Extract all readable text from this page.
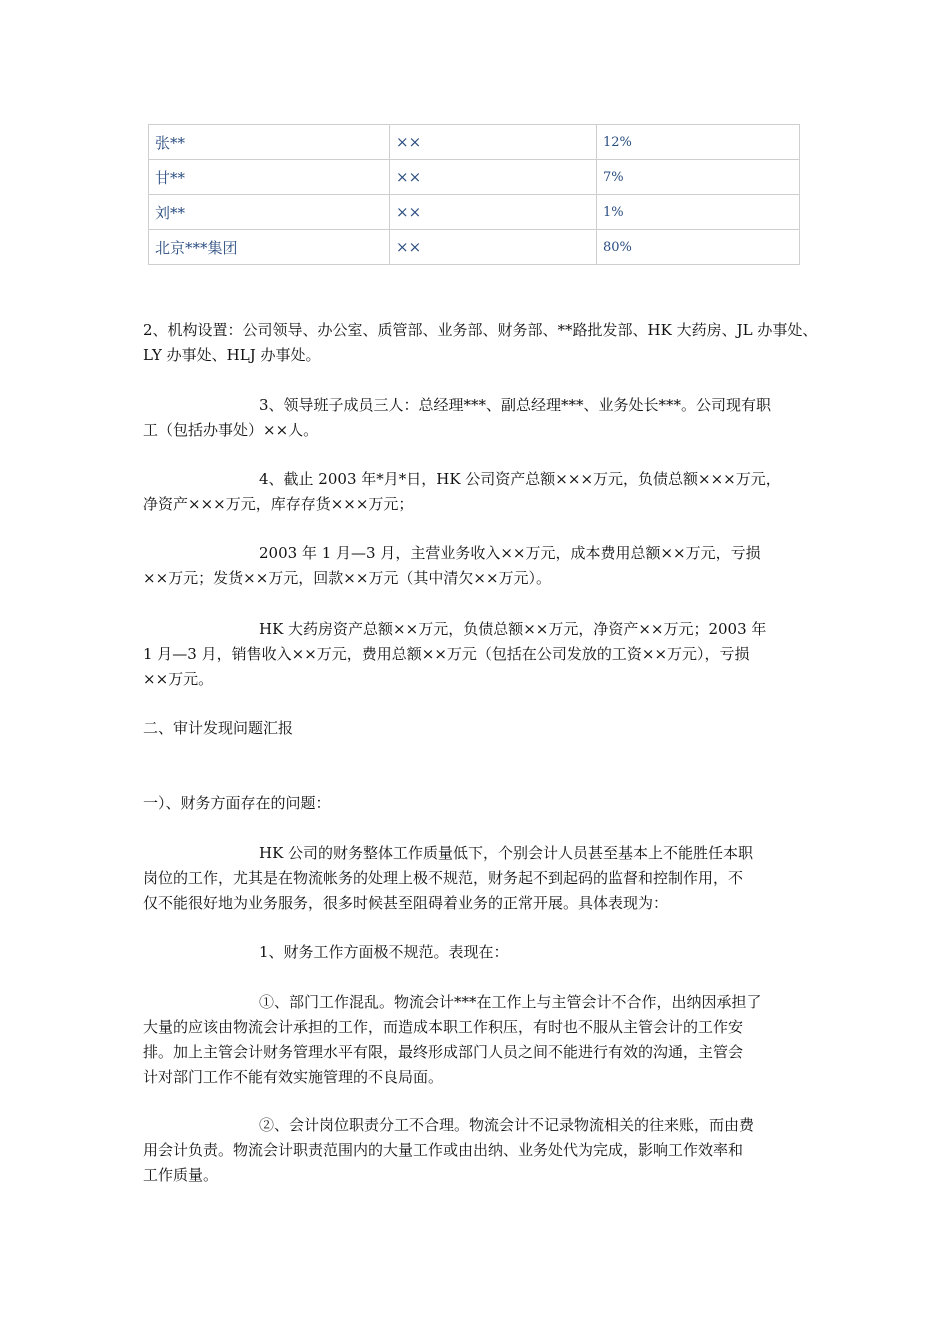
张**	××	12%
甘**	××	7%
刘**	××	1%
北京***集团	××	80%
2、机构设置：公司领导、办公室、质管部、业务部、财务部、**路批发部、HK 大药房、JL 办事处、
LY 办事处、HLJ 办事处。
3、领导班子成员三人：总经理***、副总经理***、业务处长***。公司现有职
工（包括办事处）××人。
4、截止 2003 年*月*日，HK 公司资产总额×××万元，负债总额×××万元，
净资产×××万元，库存存货×××万元；
2003 年 1 月—3 月，主营业务收入××万元，成本费用总额××万元，亏损
××万元；发货××万元，回款××万元（其中清欠××万元）。
HK 大药房资产总额××万元，负债总额××万元，净资产××万元；2003 年
1 月—3 月，销售收入××万元，费用总额××万元（包括在公司发放的工资××万元），亏损
××万元。
二、审计发现问题汇报
一）、财务方面存在的问题：
HK 公司的财务整体工作质量低下，个别会计人员甚至基本上不能胜任本职
岗位的工作，尤其是在物流帐务的处理上极不规范，财务起不到起码的监督和控制作用，不
仅不能很好地为业务服务，很多时候甚至阻碍着业务的正常开展。具体表现为：
1、财务工作方面极不规范。表现在：
①、部门工作混乱。物流会计***在工作上与主管会计不合作，出纳因承担了
大量的应该由物流会计承担的工作，而造成本职工作积压，有时也不服从主管会计的工作安
排。加上主管会计财务管理水平有限，最终形成部门人员之间不能进行有效的沟通，主管会
计对部门工作不能有效实施管理的不良局面。
②、会计岗位职责分工不合理。物流会计不记录物流相关的往来账，而由费
用会计负责。物流会计职责范围内的大量工作或由出纳、业务处代为完成，影响工作效率和
工作质量。
